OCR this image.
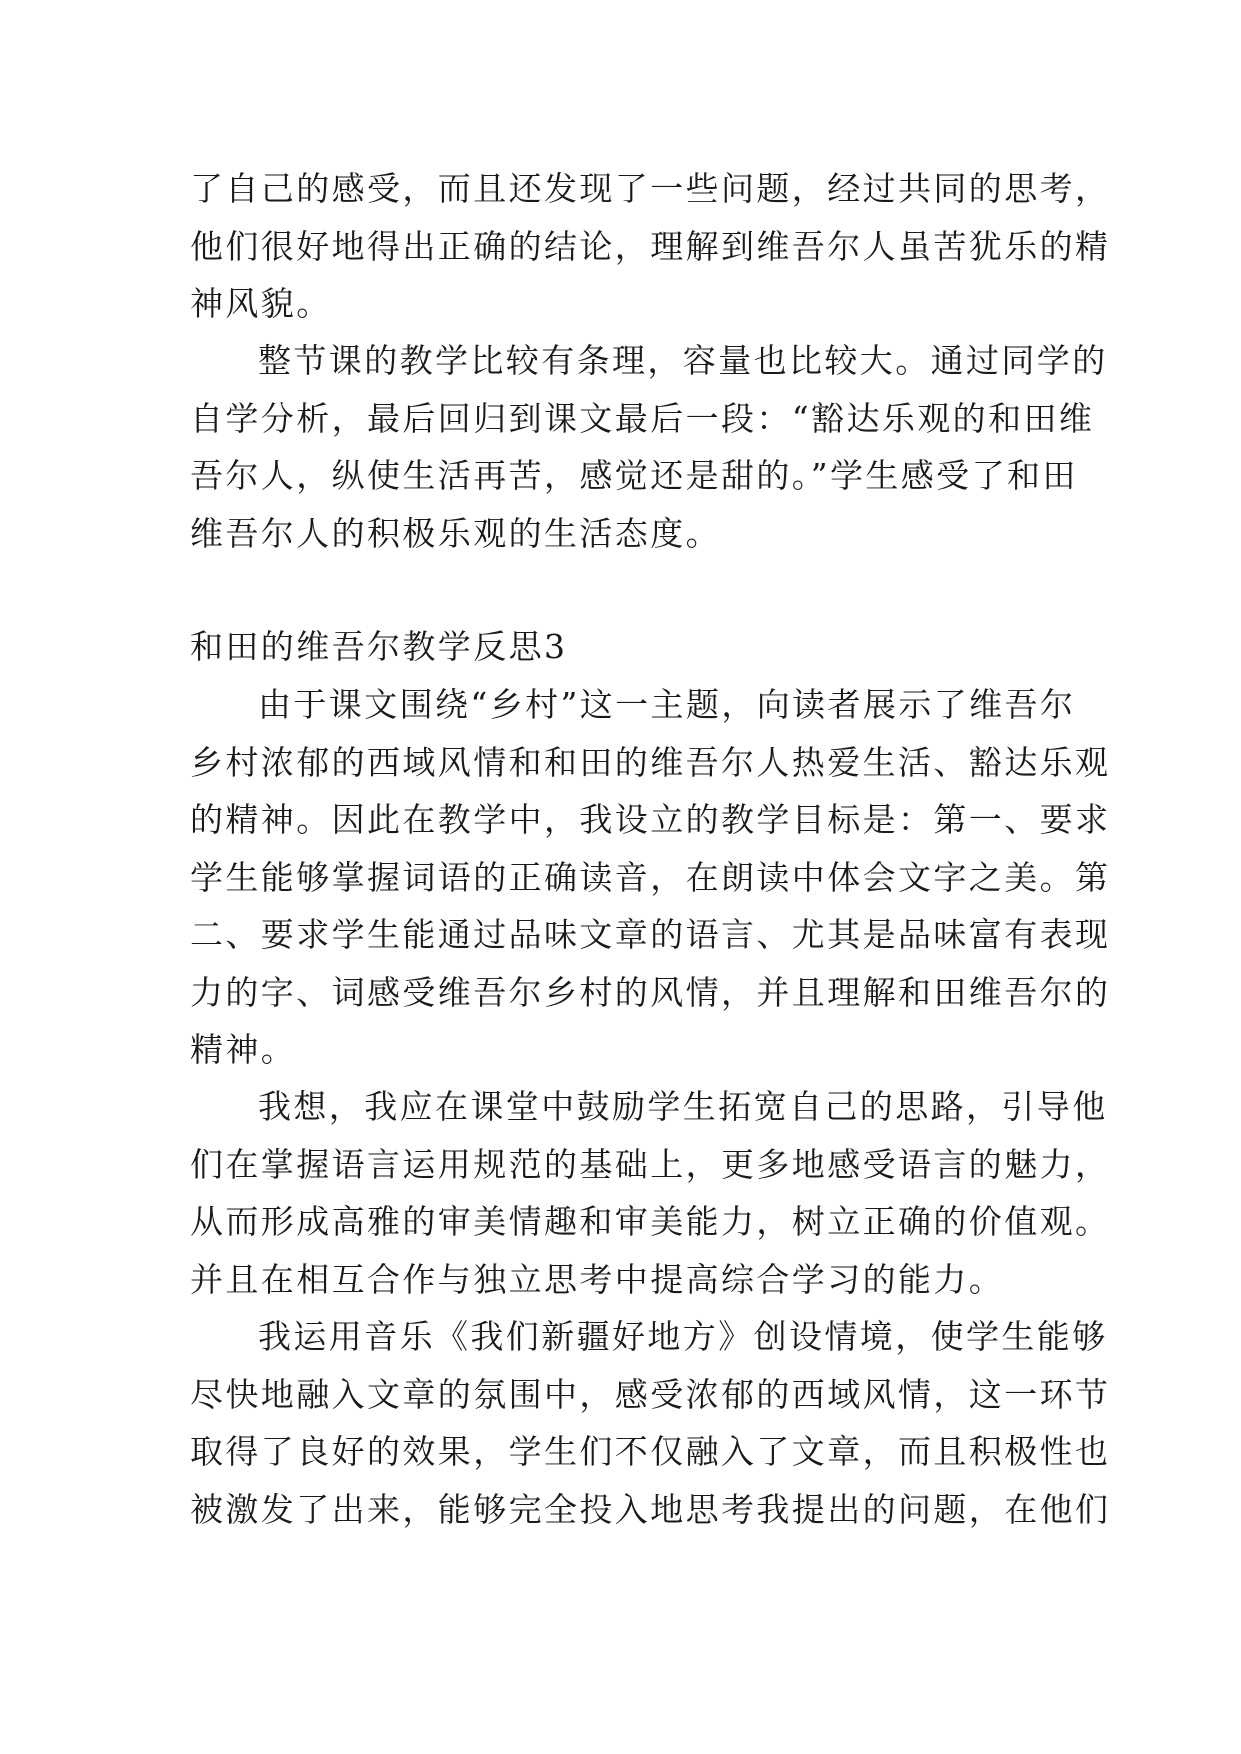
了自己的感受，而且还发现了一些问题，经过共同的思考，
他们很好地得出正确的结论，理解到维吾尔人虽苦犹乐的精
神风貌。
整节课的教学比较有条理，容量也比较大。通过同学的
自学分析，最后回归到课文最后一段：“豁达乐观的和田维
吾尔人，纵使生活再苦，感觉还是甜的。”学生感受了和田
维吾尔人的积极乐观的生活态度。
和田的维吾尔教学反思3
由于课文围绕“乡村”这一主题，向读者展示了维吾尔
乡村浓郁的西域风情和和田的维吾尔人热爱生活、豁达乐观
的精神。因此在教学中，我设立的教学目标是：第一、要求
学生能够掌握词语的正确读音，在朗读中体会文字之美。第
二、要求学生能通过品味文章的语言、尤其是品味富有表现
力的字、词感受维吾尔乡村的风情，并且理解和田维吾尔的
精神。
我想，我应在课堂中鼓励学生拓宽自己的思路，引导他
们在掌握语言运用规范的基础上，更多地感受语言的魅力，
从而形成高雅的审美情趣和审美能力，树立正确的价值观。
并且在相互合作与独立思考中提高综合学习的能力。
我运用音乐《我们新疆好地方》创设情境，使学生能够
尽快地融入文章的氛围中，感受浓郁的西域风情，这一环节
取得了良好的效果，学生们不仅融入了文章，而且积极性也
被激发了出来，能够完全投入地思考我提出的问题，在他们
